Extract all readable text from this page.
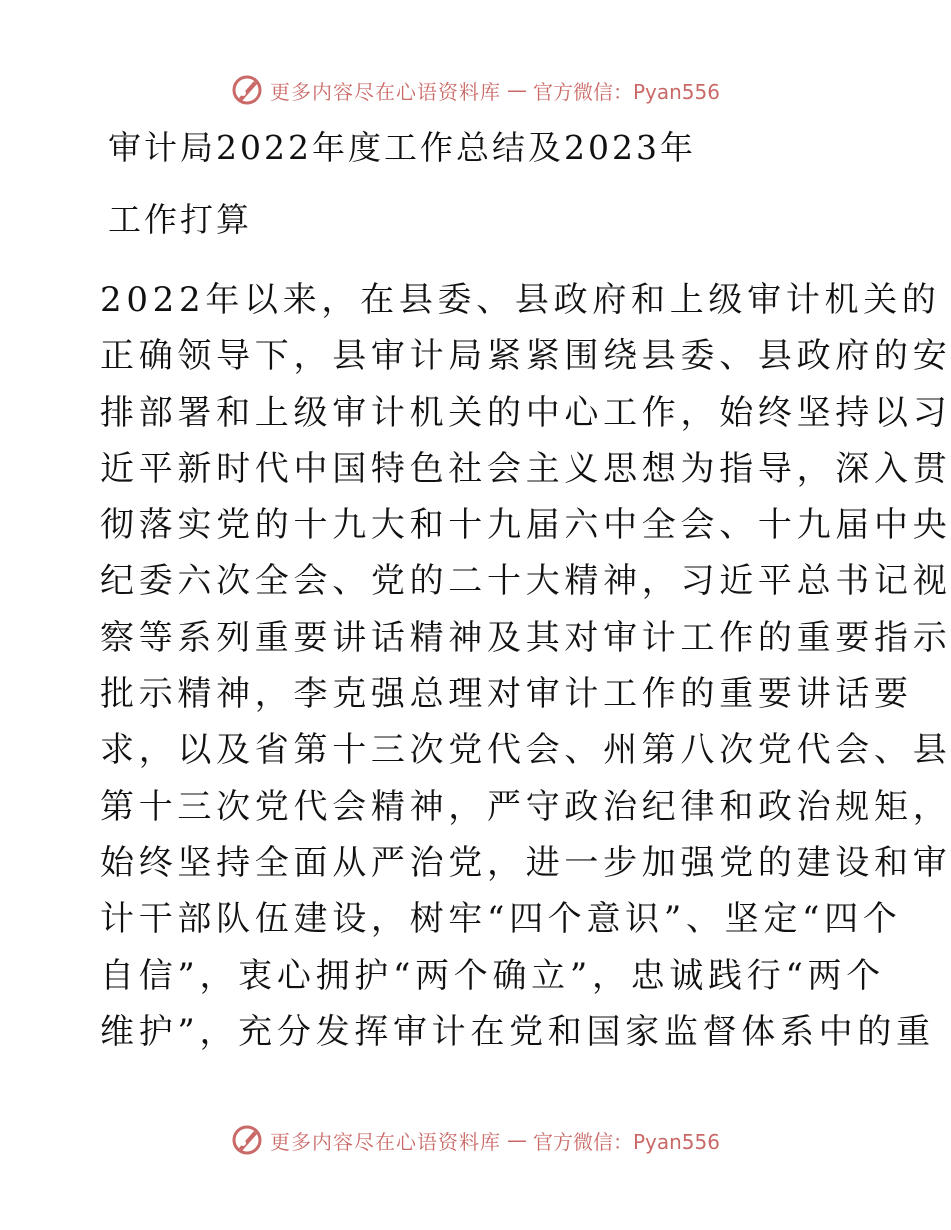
更多内容尽在心语资料库 — 官方微信：Pyan556
审计局2022年度工作总结及2023年
工作打算
2022年以来，在县委、县政府和上级审计机关的
正确领导下，县审计局紧紧围绕县委、县政府的安
排部署和上级审计机关的中心工作，始终坚持以习
近平新时代中国特色社会主义思想为指导，深入贯
彻落实党的十九大和十九届六中全会、十九届中央
纪委六次全会、党的二十大精神，习近平总书记视
察等系列重要讲话精神及其对审计工作的重要指示
批示精神，李克强总理对审计工作的重要讲话要
求，以及省第十三次党代会、州第八次党代会、县
第十三次党代会精神，严守政治纪律和政治规矩，
始终坚持全面从严治党，进一步加强党的建设和审
计干部队伍建设，树牢“四个意识”、坚定“四个
自信”，衷心拥护“两个确立”，忠诚践行“两个
维护”，充分发挥审计在党和国家监督体系中的重
更多内容尽在心语资料库 — 官方微信：Pyan556
